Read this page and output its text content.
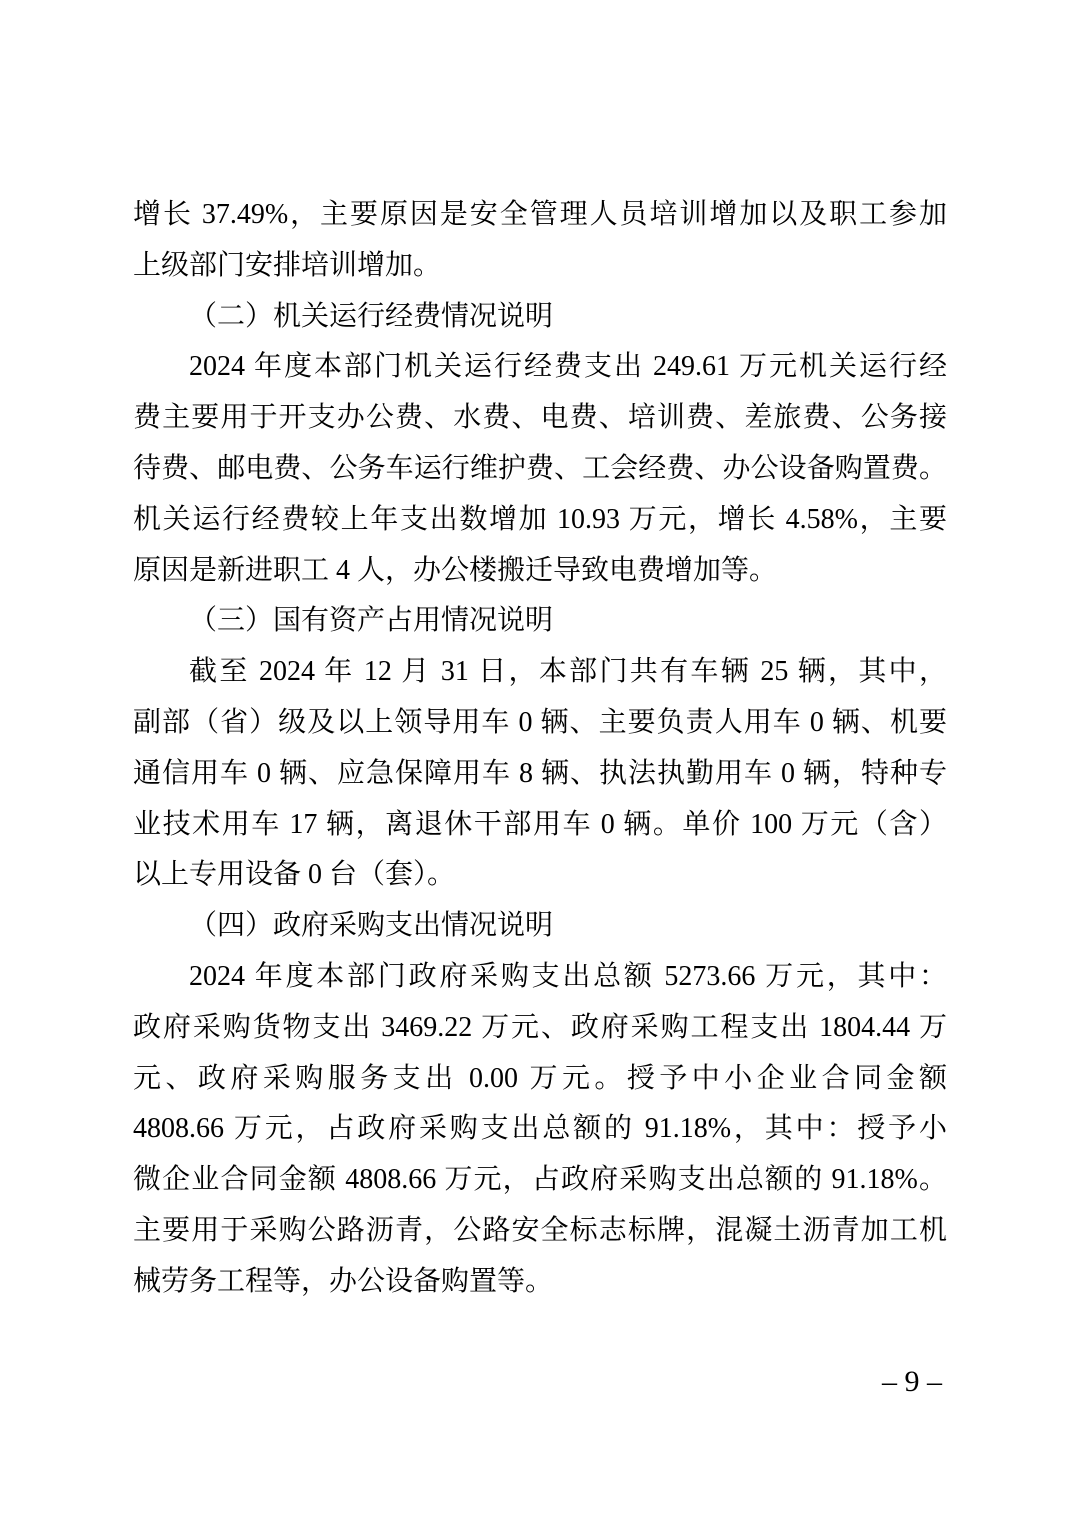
增长 37.49%，主要原因是安全管理人员培训增加以及职工参加
上级部门安排培训增加。
（二）机关运行经费情况说明
2024 年度本部门机关运行经费支出 249.61 万元机关运行经
费主要用于开支办公费、水费、电费、培训费、差旅费、公务接
待费、邮电费、公务车运行维护费、工会经费、办公设备购置费。
机关运行经费较上年支出数增加 10.93 万元，增长 4.58%，主要
原因是新进职工 4 人，办公楼搬迁导致电费增加等。
（三）国有资产占用情况说明
截至 2024 年 12 月 31 日，本部门共有车辆 25 辆，其中，
副部（省）级及以上领导用车 0 辆、主要负责人用车 0 辆、机要
通信用车 0 辆、应急保障用车 8 辆、执法执勤用车 0 辆，特种专
业技术用车 17 辆，离退休干部用车 0 辆。单价 100 万元（含）
以上专用设备 0 台（套）。
（四）政府采购支出情况说明
2024 年度本部门政府采购支出总额 5273.66 万元，其中：
政府采购货物支出 3469.22 万元、政府采购工程支出 1804.44 万
元、政府采购服务支出 0.00 万元。授予中小企业合同金额
4808.66 万元，占政府采购支出总额的 91.18%，其中：授予小
微企业合同金额 4808.66 万元，占政府采购支出总额的 91.18%。
主要用于采购公路沥青，公路安全标志标牌，混凝土沥青加工机
械劳务工程等，办公设备购置等。
– 9 –
